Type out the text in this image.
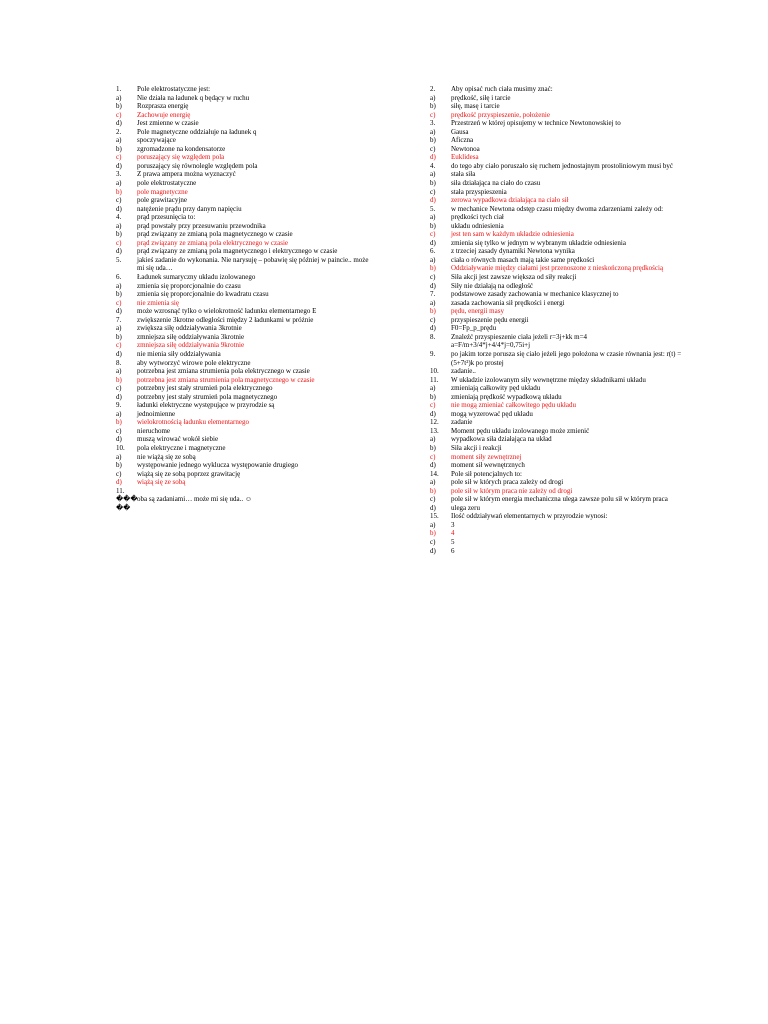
1.	Pole elektrostatyczne jest:
a)	Nie działa na ładunek q będący w ruchu
b)	Rozprasza energię
c)	Zachowuje energię
d)	Jest zmienne w czasie
2.	Pole magnetyczne oddziałuje na ładunek q
a)	spoczywające
b)	zgromadzone na kondensatorze
c)	poruszający się względem pola
d)	poruszający się równolegle względem pola
3.	Z prawa ampera można wyznaczyć
a)	pole elektrostatyczne
b)	pole magnetyczne
c)	pole grawitacyjne
d)	natężenie prądu przy danym napięciu
4.	prąd przesunięcia to:
a)	prąd powstały przy przesuwaniu przewodnika
b)	prąd związany ze zmianą pola magnetycznego w czasie
c)	prąd związany ze zmianą pola elektrycznego w czasie
d)	prąd związany ze zmianą pola magnetycznego i elektrycznego w czasie
5.	jakieś zadanie do wykonania. Nie narysuję – pobawię się później w paincie.. może mi się uda…
6.	Ładunek sumaryczny układu izolowanego
a)	zmienia się proporcjonalnie do czasu
b)	zmienia się proporcjonalnie do kwadratu czasu
c)	nie zmienia się
d)	może wzrosnąć tylko o wielokrotność ładunku elementarnego E
7.	zwiększenie 3krotne odległości między 2 ładunkami w próżnie
a)	zwiększa siłę oddziaływania 3krotnie
b)	zmniejsza siłę oddziaływania 3krotnie
c)	zmniejsza siłę oddziaływania 9krotnie
d)	nie mienia siły oddziaływania
8.	aby wytworzyć wirowe pole elektryczne
a)	potrzebna jest zmiana strumienia pola elektrycznego w czasie
b)	potrzebna jest zmiana strumienia pola magnetycznego w czasie
c)	potrzebny jest stały strumień pola elektrycznego
d)	potrzebny jest stały strumień pola magnetycznego
9.	ładunki elektryczne występujące w przyrodzie są
a)	jednoimienne
b)	wielokrotnością ładunku elementarnego
c)	nieruchome
d)	muszą wirować wokół siebie
10.	pola elektryczne i magnetyczne
a)	nie wiążą się ze sobą
b)	występowanie jednego wyklucza występowanie drugiego
c)	wiążą się ze sobą poprzez grawitację
d)	wiążą się ze sobą
11.
��� oba są zadaniami… może mi się uda.. ☺
��
2.	Aby opisać ruch ciała musimy znać:
a)	prędkość, siłę i tarcie
b)	siłę, masę i tarcie
c)	prędkość przyspieszenie, położenie
3.	Przestrzeń w której opisujemy w technice Newtonowskiej to
a)	Gausa
b)	Aficzna
c)	Newtonoa
d)	Euklidesa
4.	do tego aby ciało poruszało się ruchem jednostajnym prostoliniowym musi być
a)	stała siła
b)	siła działająca na ciało do czasu
c)	stała przyspieszenia
d)	zerowa wypadkowa działająca na ciało sił
5.	w mechanice Newtona odstęp czasu między dwoma zdarzeniami zależy od:
a)	prędkości tych ciał
b)	układu odniesienia
c)	jest ten sam w każdym układzie odniesienia
d)	zmienia się tylko w jednym w wybranym układzie odniesienia
6.	z trzeciej zasady dynamiki Newtona wynika
a)	ciała o równych masach mają takie same prędkości
b)	Oddziaływanie między ciałami jest przenoszone z nieskończoną prędkością
c)	Siła akcji jest zawsze większa od siły reakcji
d)	Siły nie działają na odległość
7.	podstawowe zasady zachowania w mechanice klasycznej to
a)	zasada zachowania sił prędkości i energi
b)	pędu, energii masy
c)	przyspieszenie pędu energii
d)	F0=Fp_p_prędu
8.	Znaleźć przyspieszenie ciała jeżeli r=3j+kk m=4
a=F/m+3/4*j+4/4*j=0,75i+j
9.	po jakim torze porusza się ciało jeżeli jego położona w czasie równania jest: r(t) = (5+7t²)k po prostej
10.	zadanie..
11.	W układzie izolowanym siły wewnętrzne między składnikami układu
a)	zmieniają całkowity pęd układu
b)	zmieniają prędkość wypadkową układu
c)	nie mogą zmieniać całkowitego pędu układu
d)	mogą wyzerować pęd układu
12.	zadanie
13.	Moment pędu układu izolowanego może zmienić
a)	wypadkowa siła działająca na układ
b)	Siła akcji i reakcji
c)	moment siły zewnętrznej
d)	moment sił wewnętrznych
14.	Pole sił potencjalnych to:
a)	pole sił w których praca zależy od drogi
b)	pole sił w którym praca nie zależy od drogi
c)	pole sił w którym energia mechaniczna ulega zawsze polu sił w którym praca
d)	ulega zeru
15.	Ilość oddziaływań elementarnych w przyrodzie wynosi:
a)	3
b)	4
c)	5
d)	6
